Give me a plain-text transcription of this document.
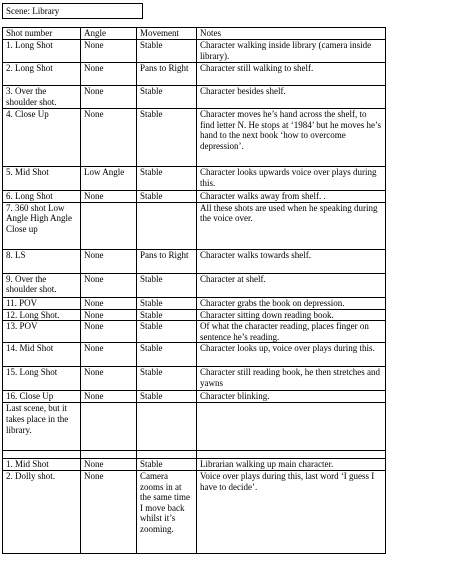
Scene: Library
Shot number	Angle	Movement	Notes
1. Long Shot	None	Stable	Character walking inside library (camera inside library).
2. Long Shot	None	Pans to Right	Character still walking to shelf.
3. Over the shoulder shot.	None	Stable	Character besides shelf.
4. Close Up	None	Stable	Character moves he’s hand across the shelf, to find letter N. He stops at ‘1984’ but he moves he’s hand to the next book ‘how to overcome depression’.
5. Mid Shot	Low Angle	Stable	Character looks upwards voice over plays during this.
6. Long Shot	None	Stable	Character walks away from shelf. .
7. 360 shot Low Angle High Angle Close up			All these shots are used when he speaking during the voice over.
8. LS	None	Pans to Right	Character walks towards shelf.
9. Over the shoulder shot.	None	Stable	Character at shelf.
11. POV	None	Stable	Character grabs the book on depression.
12. Long Shot.	None	Stable	Character sitting down reading book.
13. POV	None	Stable	Of what the character reading, places finger on sentence he’s reading.
14. Mid Shot	None	Stable	Character looks up, voice over plays during this.
15. Long Shot	None	Stable	Character still reading book, he then stretches and yawns
16. Close Up	None	Stable	Character blinking.
Last scene, but it takes place in the library.			

1. Mid Shot	None	Stable	Librarian walking up main character.
2. Dolly shot.	None	Camera zooms in at the same time I move back whilst it’s zooming.	Voice over plays during this, last word ‘I guess I have to decide’.
